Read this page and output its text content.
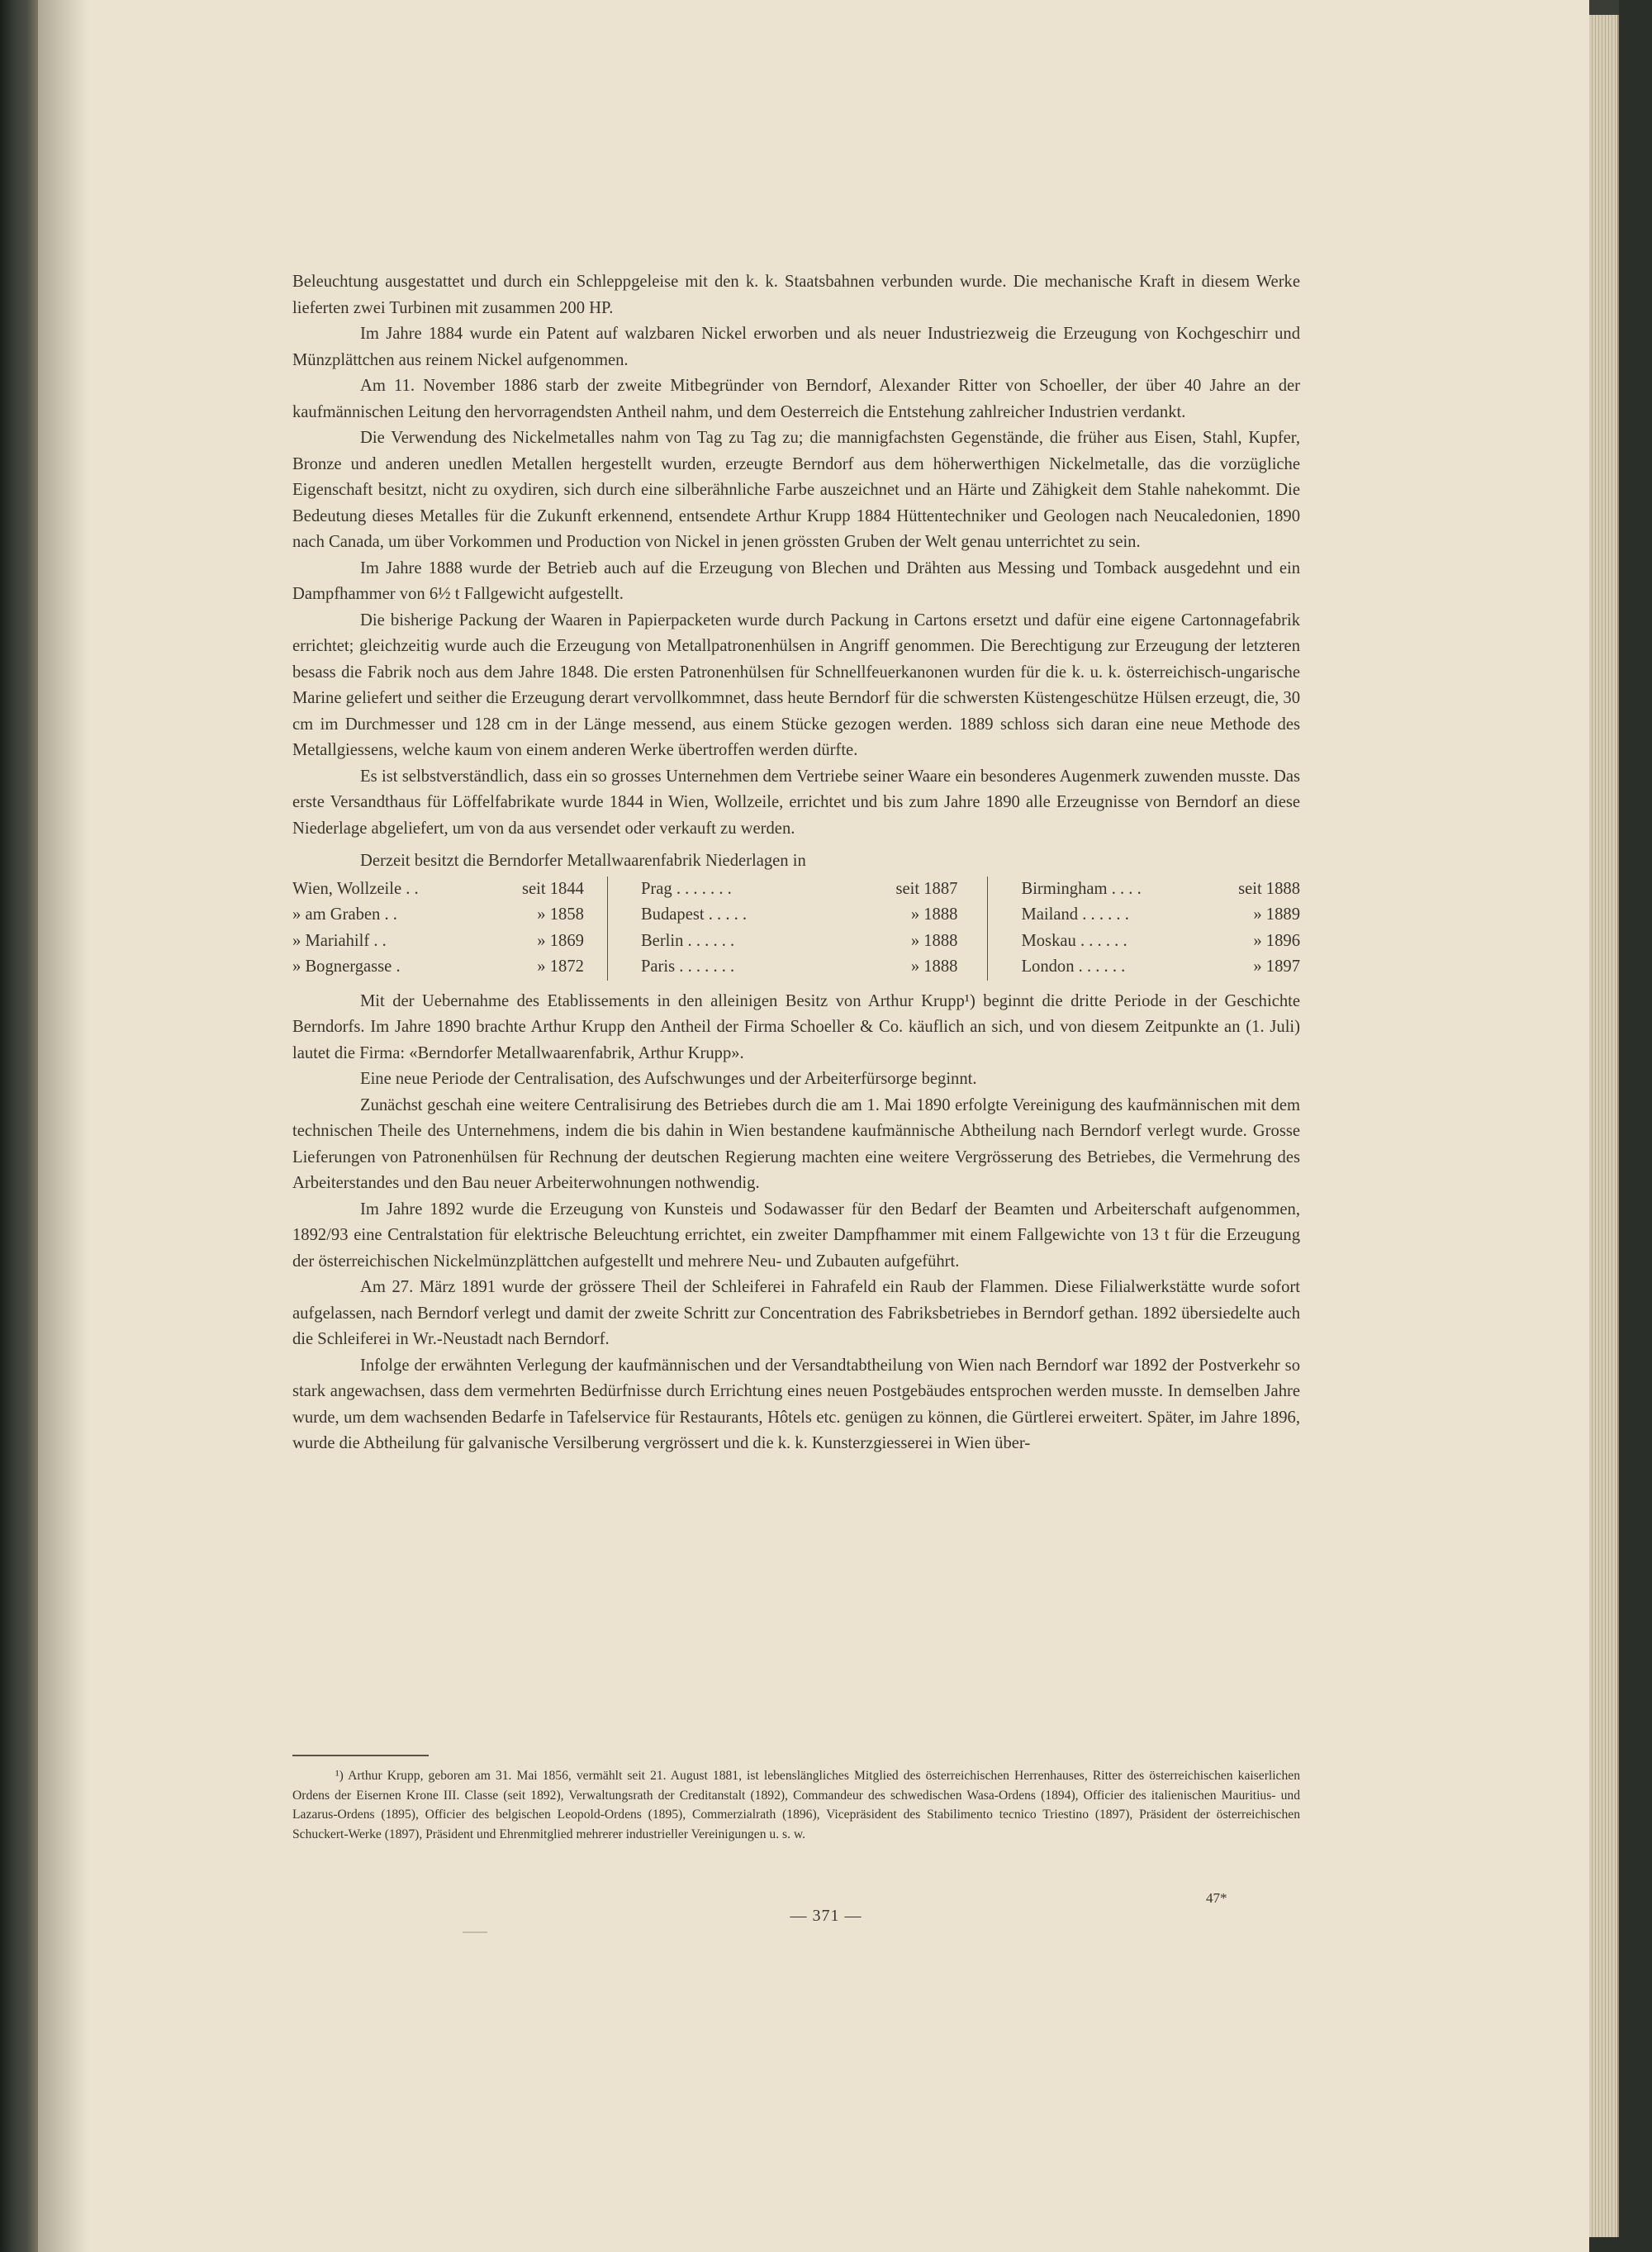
Beleuchtung ausgestattet und durch ein Schleppgeleise mit den k. k. Staatsbahnen verbunden wurde. Die mechanische Kraft in diesem Werke lieferten zwei Turbinen mit zusammen 200 HP.

Im Jahre 1884 wurde ein Patent auf walzbaren Nickel erworben und als neuer Industriezweig die Erzeugung von Kochgeschirr und Münzplättchen aus reinem Nickel aufgenommen.

Am 11. November 1886 starb der zweite Mitbegründer von Berndorf, Alexander Ritter von Schoeller, der über 40 Jahre an der kaufmännischen Leitung den hervorragendsten Antheil nahm, und dem Oesterreich die Entstehung zahlreicher Industrien verdankt.

Die Verwendung des Nickelmetalles nahm von Tag zu Tag zu; die mannigfachsten Gegenstände, die früher aus Eisen, Stahl, Kupfer, Bronze und anderen unedlen Metallen hergestellt wurden, erzeugte Berndorf aus dem höherwerthigen Nickelmetalle, das die vorzügliche Eigenschaft besitzt, nicht zu oxydiren, sich durch eine silberähnliche Farbe auszeichnet und an Härte und Zähigkeit dem Stahle nahekommt. Die Bedeutung dieses Metalles für die Zukunft erkennend, entsendete Arthur Krupp 1884 Hüttentechniker und Geologen nach Neucaledonien, 1890 nach Canada, um über Vorkommen und Production von Nickel in jenen grössten Gruben der Welt genau unterrichtet zu sein.

Im Jahre 1888 wurde der Betrieb auch auf die Erzeugung von Blechen und Drähten aus Messing und Tomback ausgedehnt und ein Dampfhammer von 6½ t Fallgewicht aufgestellt.

Die bisherige Packung der Waaren in Papierpacketen wurde durch Packung in Cartons ersetzt und dafür eine eigene Cartonnagefabrik errichtet; gleichzeitig wurde auch die Erzeugung von Metallpatronenhülsen in Angriff genommen. Die Berechtigung zur Erzeugung der letzteren besass die Fabrik noch aus dem Jahre 1848. Die ersten Patronenhülsen für Schnellfeuerkanonen wurden für die k. u. k. österreichisch-ungarische Marine geliefert und seither die Erzeugung derart vervollkommnet, dass heute Berndorf für die schwersten Küstengeschütze Hülsen erzeugt, die, 30 cm im Durchmesser und 128 cm in der Länge messend, aus einem Stücke gezogen werden. 1889 schloss sich daran eine neue Methode des Metallgiessens, welche kaum von einem anderen Werke übertroffen werden dürfte.

Es ist selbstverständlich, dass ein so grosses Unternehmen dem Vertriebe seiner Waare ein besonderes Augenmerk zuwenden musste. Das erste Versandthaus für Löffelfabrikate wurde 1844 in Wien, Wollzeile, errichtet und bis zum Jahre 1890 alle Erzeugnisse von Berndorf an diese Niederlage abgeliefert, um von da aus versendet oder verkauft zu werden.

Derzeit besitzt die Berndorfer Metallwaarenfabrik Niederlagen in

Wien, Wollzeile . .	seit 1844
» am Graben . .	» 1858
» Mariahilf . .	» 1869
» Bognergasse .	» 1872
Prag . . . . . . .	seit 1887
Budapest . . . . .	» 1888
Berlin . . . . . .	» 1888
Paris . . . . . . .	» 1888
Birmingham . . . .	seit 1888
Mailand . . . . . .	» 1889
Moskau . . . . . .	» 1896
London . . . . . .	» 1897

Mit der Uebernahme des Etablissements in den alleinigen Besitz von Arthur Krupp¹) beginnt die dritte Periode in der Geschichte Berndorfs. Im Jahre 1890 brachte Arthur Krupp den Antheil der Firma Schoeller & Co. käuflich an sich, und von diesem Zeitpunkte an (1. Juli) lautet die Firma: «Berndorfer Metallwaarenfabrik, Arthur Krupp».

Eine neue Periode der Centralisation, des Aufschwunges und der Arbeiterfürsorge beginnt.

Zunächst geschah eine weitere Centralisirung des Betriebes durch die am 1. Mai 1890 erfolgte Vereinigung des kaufmännischen mit dem technischen Theile des Unternehmens, indem die bis dahin in Wien bestandene kaufmännische Abtheilung nach Berndorf verlegt wurde. Grosse Lieferungen von Patronenhülsen für Rechnung der deutschen Regierung machten eine weitere Vergrösserung des Betriebes, die Vermehrung des Arbeiterstandes und den Bau neuer Arbeiterwohnungen nothwendig.

Im Jahre 1892 wurde die Erzeugung von Kunsteis und Sodawasser für den Bedarf der Beamten und Arbeiterschaft aufgenommen, 1892/93 eine Centralstation für elektrische Beleuchtung errichtet, ein zweiter Dampfhammer mit einem Fallgewichte von 13 t für die Erzeugung der österreichischen Nickelmünzplättchen aufgestellt und mehrere Neu- und Zubauten aufgeführt.

Am 27. März 1891 wurde der grössere Theil der Schleiferei in Fahrafeld ein Raub der Flammen. Diese Filialwerkstätte wurde sofort aufgelassen, nach Berndorf verlegt und damit der zweite Schritt zur Concentration des Fabriksbetriebes in Berndorf gethan. 1892 übersiedelte auch die Schleiferei in Wr.-Neustadt nach Berndorf.

Infolge der erwähnten Verlegung der kaufmännischen und der Versandtabtheilung von Wien nach Berndorf war 1892 der Postverkehr so stark angewachsen, dass dem vermehrten Bedürfnisse durch Errichtung eines neuen Postgebäudes entsprochen werden musste. In demselben Jahre wurde, um dem wachsenden Bedarfe in Tafelservice für Restaurants, Hôtels etc. genügen zu können, die Gürtlerei erweitert. Später, im Jahre 1896, wurde die Abtheilung für galvanische Versilberung vergrössert und die k. k. Kunsterzgiesserei in Wien über-

¹) Arthur Krupp, geboren am 31. Mai 1856, vermählt seit 21. August 1881, ist lebenslängliches Mitglied des österreichischen Herrenhauses, Ritter des österreichischen kaiserlichen Ordens der Eisernen Krone III. Classe (seit 1892), Verwaltungsrath der Creditanstalt (1892), Commandeur des schwedischen Wasa-Ordens (1894), Officier des italienischen Mauritius- und Lazarus-Ordens (1895), Officier des belgischen Leopold-Ordens (1895), Commerzialrath (1896), Vicepräsident des Stabilimento tecnico Triestino (1897), Präsident der österreichischen Schuckert-Werke (1897), Präsident und Ehrenmitglied mehrerer industrieller Vereinigungen u. s. w.

47*
— 371 —
